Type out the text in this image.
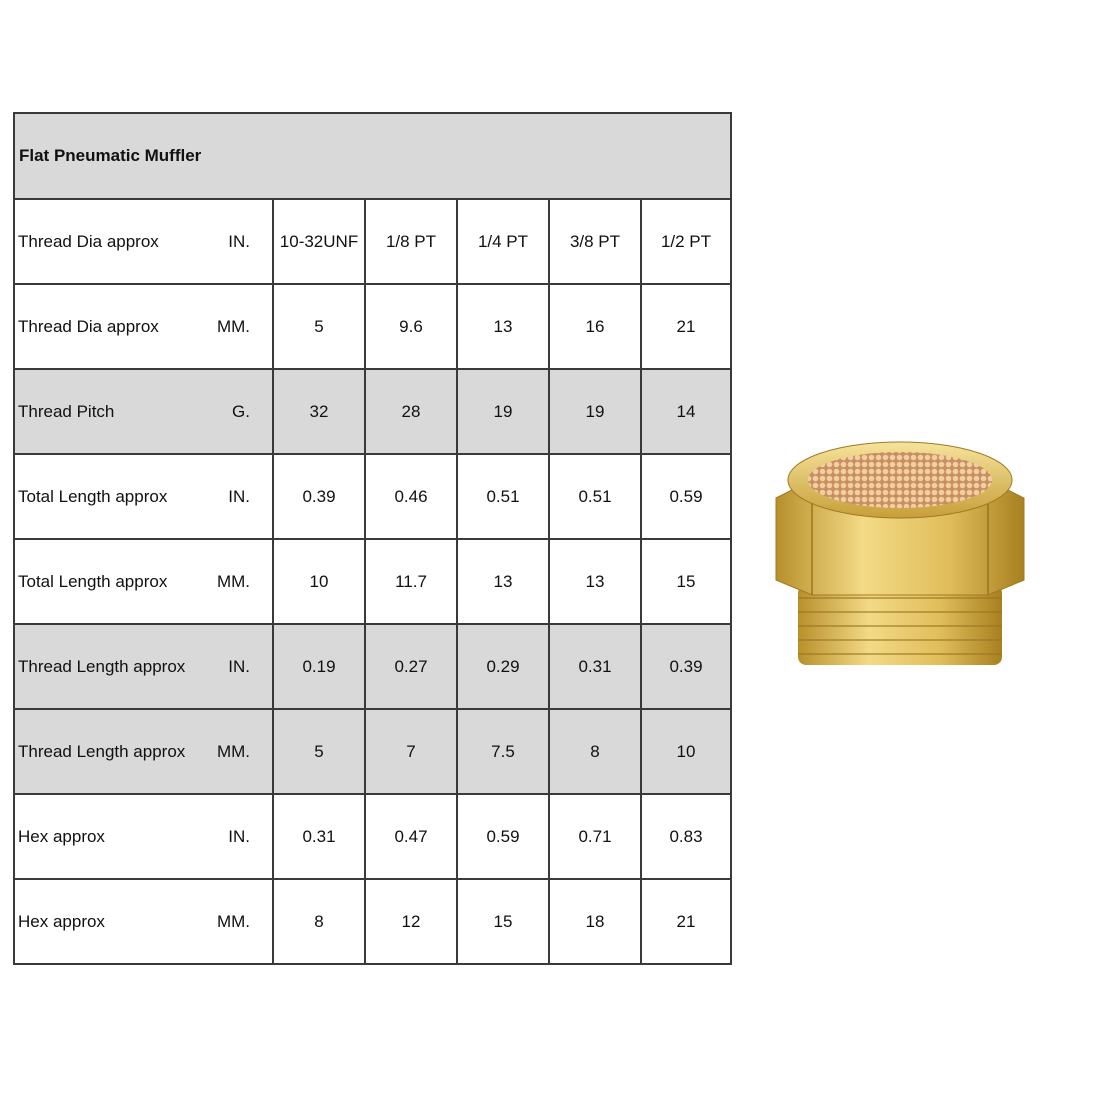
Flat Pneumatic Muffler					

Thread Dia approx IN.	10-32UNF	1/8 PT	1/4 PT	3/8 PT	1/2 PT

Thread Dia approx MM.	5	9.6	13	16	21

Thread Pitch G.	32	28	19	19	14

Total Length approx IN.	0.39	0.46	0.51	0.51	0.59

Total Length approx MM.	10	11.7	13	13	15

Thread Length approx IN.	0.19	0.27	0.29	0.31	0.39

Thread Length approx MM.	5	7	7.5	8	10

Hex approx IN.	0.31	0.47	0.59	0.71	0.83

Hex approx MM.	8	12	15	18	21
